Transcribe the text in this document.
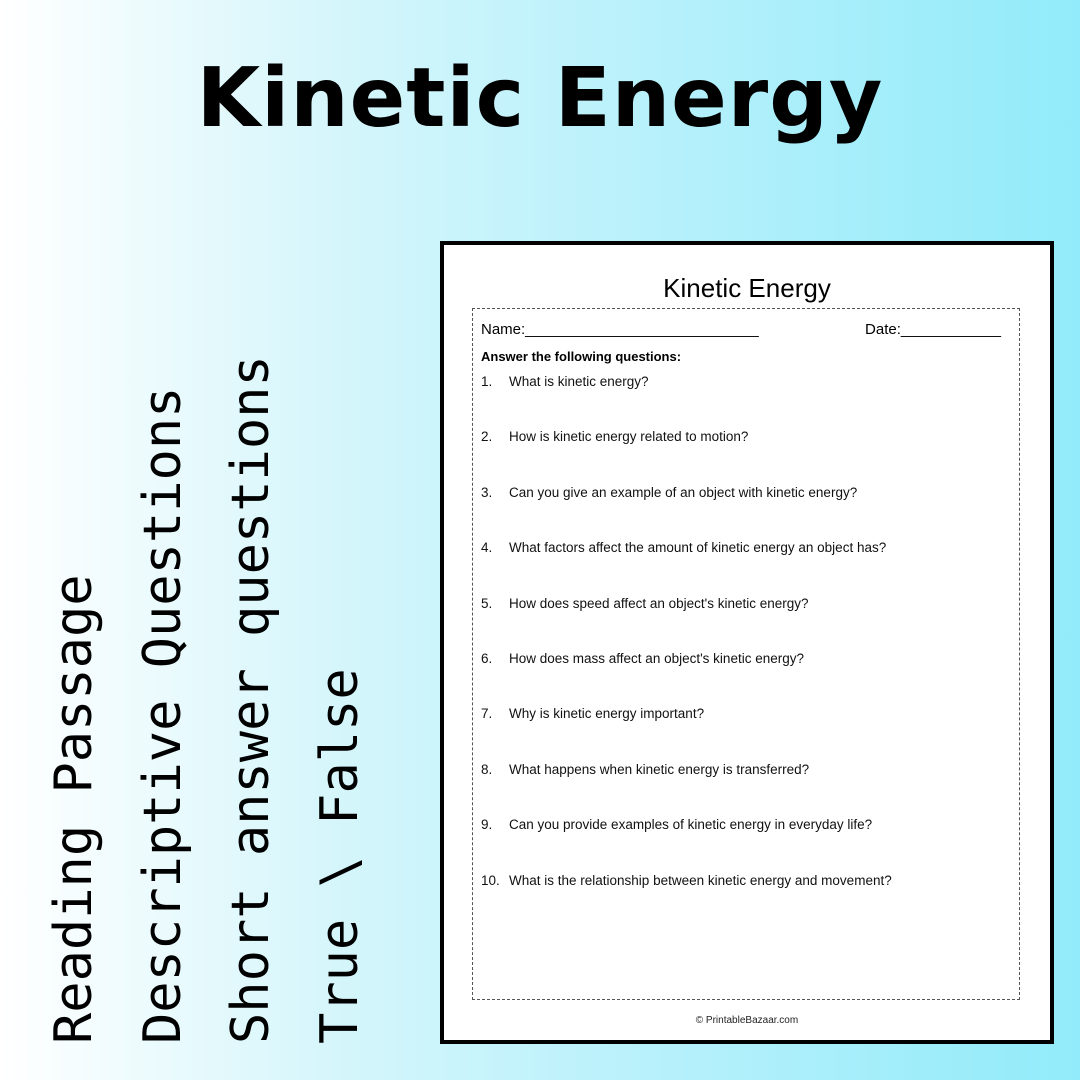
Kinetic Energy
Reading Passage Descriptive Questions Short answer questions True \ False
Kinetic Energy
Name:____________________________	Date:____________
Answer the following questions:
1. What is kinetic energy?
2. How is kinetic energy related to motion?
3. Can you give an example of an object with kinetic energy?
4. What factors affect the amount of kinetic energy an object has?
5. How does speed affect an object's kinetic energy?
6. How does mass affect an object's kinetic energy?
7. Why is kinetic energy important?
8. What happens when kinetic energy is transferred?
9. Can you provide examples of kinetic energy in everyday life?
10. What is the relationship between kinetic energy and movement?
© PrintableBazaar.com
